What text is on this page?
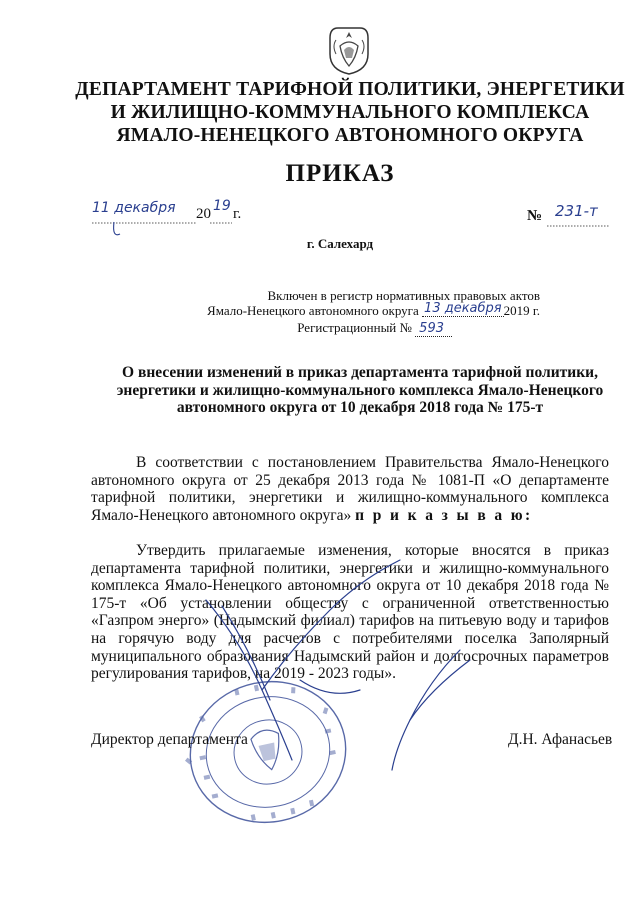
ДЕПАРТАМЕНТ ТАРИФНОЙ ПОЛИТИКИ, ЭНЕРГЕТИКИ
И ЖИЛИЩНО-КОММУНАЛЬНОГО КОМПЛЕКСА
ЯМАЛО-НЕНЕЦКОГО АВТОНОМНОГО ОКРУГА
ПРИКАЗ
11 декабря 20 19 г.	№ 231-т
г. Салехард
Включен в регистр нормативных правовых актов
Ямало-Ненецкого автономного округа 13 декабря 2019 г.
Регистрационный № 593
О внесении изменений в приказ департамента тарифной политики,
энергетики и жилищно-коммунального комплекса Ямало-Ненецкого
автономного округа от 10 декабря 2018 года № 175-т
В соответствии с постановлением Правительства Ямало-Ненецкого автономного округа от 25 декабря 2013 года № 1081-П «О департаменте тарифной политики, энергетики и жилищно-коммунального комплекса Ямало-Ненецкого автономного округа» п р и к а з ы в а ю:
Утвердить прилагаемые изменения, которые вносятся в приказ департамента тарифной политики, энергетики и жилищно-коммунального комплекса Ямало-Ненецкого автономного округа от 10 декабря 2018 года № 175-т «Об установлении обществу с ограниченной ответственностью «Газпром энерго» (Надымский филиал) тарифов на питьевую воду и тарифов на горячую воду для расчетов с потребителями поселка Заполярный муниципального образования Надымский район и долгосрочных параметров регулирования тарифов, на 2019 - 2023 годы».
Директор департамента	Д.Н. Афанасьев
